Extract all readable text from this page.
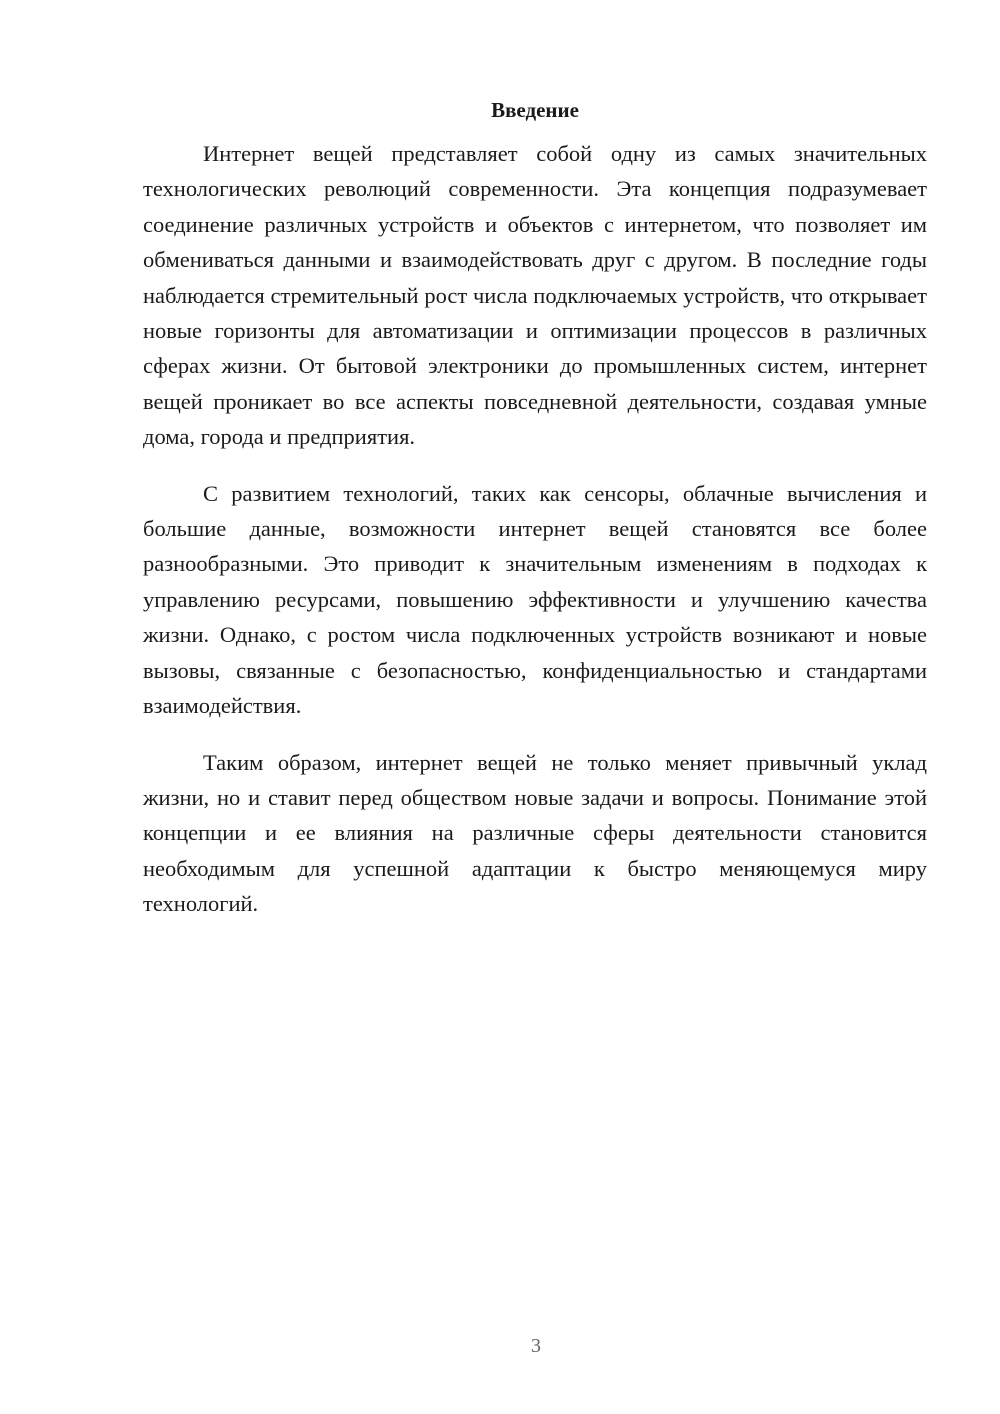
Введение

Интернет вещей представляет собой одну из самых значительных технологических революций современности. Эта концепция подразумевает соединение различных устройств и объектов с интернетом, что позволяет им обмениваться данными и взаимодействовать друг с другом. В последние годы наблюдается стремительный рост числа подключаемых устройств, что открывает новые горизонты для автоматизации и оптимизации процессов в различных сферах жизни. От бытовой электроники до промышленных систем, интернет вещей проникает во все аспекты повседневной деятельности, создавая умные дома, города и предприятия.

С развитием технологий, таких как сенсоры, облачные вычисления и большие данные, возможности интернет вещей становятся все более разнообразными. Это приводит к значительным изменениям в подходах к управлению ресурсами, повышению эффективности и улучшению качества жизни. Однако, с ростом числа подключенных устройств возникают и новые вызовы, связанные с безопасностью, конфиденциальностью и стандартами взаимодействия.

Таким образом, интернет вещей не только меняет привычный уклад жизни, но и ставит перед обществом новые задачи и вопросы. Понимание этой концепции и ее влияния на различные сферы деятельности становится необходимым для успешной адаптации к быстро меняющемуся миру технологий.

3
